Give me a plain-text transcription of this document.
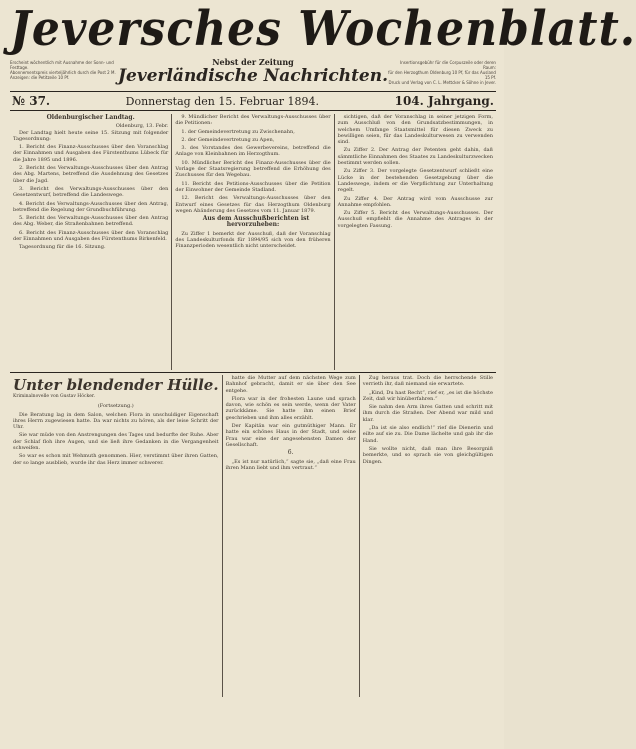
Jeversches Wochenblatt.
Erscheint wöchentlich mit Ausnahme der Sonn- und Festtage.
Abonnementspreis vierteljährlich durch die Post 2 M.
Anzeigen: die Petitzeile 10 Pf.
Nebst der Zeitung
Jeverländische Nachrichten.
Insertionsgebühr für die Corpuszeile oder deren Raum:
für den Herzogthum Oldenburg 10 Pf, für das Ausland 15 Pf.
Druck und Verlag von C. L. Mettcker & Söhne in Jever.
№ 37.	Donnerstag den 15. Februar 1894.	104. Jahrgang.
Oldenburgischer Landtag.
Oldenburg, 13. Febr.

Der Landtag hielt heute seine 15. Sitzung mit folgender Tagesordnung:

1. Bericht des Finanz-Ausschusses über den Voranschlag der Einnahmen und Ausgaben des Fürstenthums Lübeck für die Jahre 1895 und 1896.

2. Bericht des Verwaltungs-Ausschusses über den Antrag des Abg. Martens, betreffend die Ausdehnung des Gesetzes über die Jagd.

3. Bericht des Verwaltungs-Ausschusses über den Gesetzentwurf, betreffend die Landeswege.

4. Bericht des Verwaltungs-Ausschusses über den Antrag, betreffend die Regelung der Grundbuchführung.

5. Bericht des Verwaltungs-Ausschusses über den Antrag des Abg. Weber, die Straßenbahnen betreffend.

6. Bericht des Finanz-Ausschusses über den Voranschlag der Einnahmen und Ausgaben des Fürstenthums Birkenfeld.

Tagesordnung für die 16. Sitzung.

9. Mündlicher Bericht des Verwaltungs-Ausschusses über die Petitionen:

1. der Gemeindevertretung zu Zwischenahn,

2. der Gemeindevertretung zu Apen,

3. des Vorstandes des Gewerbevereins, betreffend die Anlage von Kleinbahnen im Herzogthum.

10. Mündlicher Bericht des Finanz-Ausschusses über die Vorlage der Staatsregierung betreffend die Erhöhung des Zuschusses für den Wegebau.

11. Bericht des Petitions-Ausschusses über die Petition der Einwohner der Gemeinde Stadland.

12. Bericht des Verwaltungs-Ausschusses über den Entwurf eines Gesetzes für das Herzogthum Oldenburg wegen Abänderung des Gesetzes vom 11. Januar 1879.

Aus dem Ausschußberichten ist hervorzuheben:

Zu Ziffer 1 bemerkt der Ausschuß, daß der Voranschlag des Landeskulturfonds für 1894/95 sich von den früheren Finanzperioden wesentlich nicht unterscheidet.

sichtigen, daß der Voranschlag in seiner jetzigen Form, zum Ausschluß von den Grundsatzbestimmungen, in welchem Umfange Staatsmittel für diesen Zweck zu bewilligen seien, für das Landeskulturwesen zu verwenden sind.

Zu Ziffer 2. Der Antrag der Petenten geht dahin, daß sämmtliche Einnahmen des Staates zu Landeskulturzwecken bestimmt werden sollen.

Zu Ziffer 3. Der vorgelegte Gesetzentwurf schließt eine Lücke in der bestehenden Gesetzgebung über die Landeswege, indem er die Verpflichtung zur Unterhaltung regelt.

Zu Ziffer 4. Der Antrag wird vom Ausschusse zur Annahme empfohlen.

Zu Ziffer 5. Bericht des Verwaltungs-Ausschusses. Der Ausschuß empfiehlt die Annahme des Antrages in der vorgelegten Fassung.

Unter blendender Hülle.
Kriminalnovelle von Gustav Höcker.
(Fortsetzung.)

Die Beratung lag in dem Salon, welchen Flora in unschuldiger Eigenschaft ihres Herrn zugewiesen hatte. Da war nichts zu hören, als der leise Schritt der Uhr.

Sie war müde von den Anstrengungen des Tages und bedurfte der Ruhe. Aber der Schlaf floh ihre Augen, und sie ließ ihre Gedanken in die Vergangenheit schweifen.

So war es schon mit Wehmuth genommen. Hier, verstimmt über ihren Gatten, der so lange ausblieb, wurde ihr das Herz immer schwerer.

hatte die Mutter auf dem nächsten Wege zum Bahnhof gebracht, damit er sie über den See entgehe.

Flora war in der frohesten Laune und sprach davon, wie schön es sein werde, wenn der Vater zurückkäme. Sie hatte ihm einen Brief geschrieben und ihm alles erzählt.

Der Kapitän war ein gutmüthiger Mann. Er hatte ein schönes Haus in der Stadt, und seine Frau war eine der angesehensten Damen der Gesellschaft.

6.

„Es ist nur natürlich,“ sagte sie, „daß eine Frau ihren Mann liebt und ihm vertraut.“

Zug heraus trat. Doch die herrschende Stille verrieth ihr, daß niemand sie erwartete.

„Kind, Du hast Recht“, rief er, „es ist die höchste Zeit, daß wir hinüberfahren.“

Sie nahm den Arm ihres Gatten und schritt mit ihm durch die Straßen. Der Abend war mild und klar.

„Da ist sie also endlich!“ rief die Dienerin und eilte auf sie zu. Die Dame lächelte und gab ihr die Hand.

Sie wollte nicht, daß man ihre Besorgniß bemerkte, und so sprach sie von gleichgültigen Dingen.
